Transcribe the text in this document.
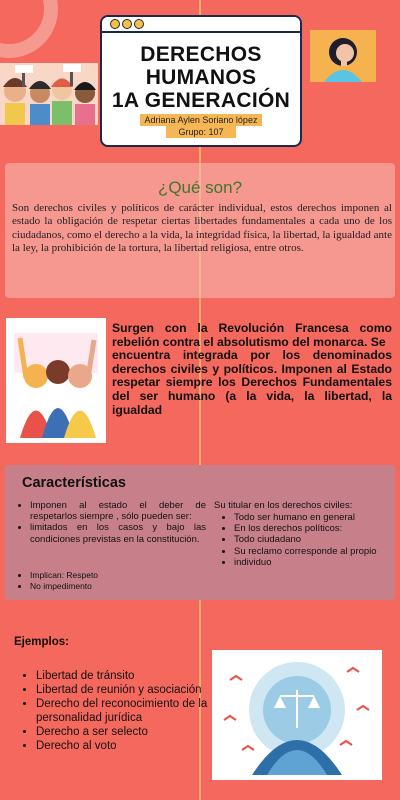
DERECHOS
HUMANOS
1A GENERACIÓN
Adriana Aylen Soriano lópez
Grupo: 107
¿Qué son?
Son derechos civiles y políticos de carácter individual, estos derechos imponen al estado la obligación de respetar ciertas libertades fundamentales a cada uno de los ciudadanos, como el derecho a la vida, la integridad física, la libertad, la igualdad ante la ley, la prohibición de la tortura, la libertad religiosa, entre otros.
Surgen con la Revolución Francesa como rebelión contra el absolutismo del monarca. Se
encuentra integrada por los denominados derechos civiles y políticos. Imponen al Estado respetar siempre los Derechos Fundamentales del ser humano (a la vida, la libertad, la igualdad
Características
• Imponen al estado el deber de respetarlos siempre , sólo pueden ser:
• limitados en los casos y bajo las condiciones previstas en la constitución.
• Implican: Respeto
• No impedimento
Su titular en los derechos civiles:
• Todo ser humano en general
• En los derechos políticos:
• Todo ciudadano
• Su reclamo corresponde al propio
• individuo
Ejemplos:
• Libertad de tránsito
• Libertad de reunión y asociación
• Derecho del reconocimiento de la personalidad jurídica
• Derecho a ser selecto
• Derecho al voto
